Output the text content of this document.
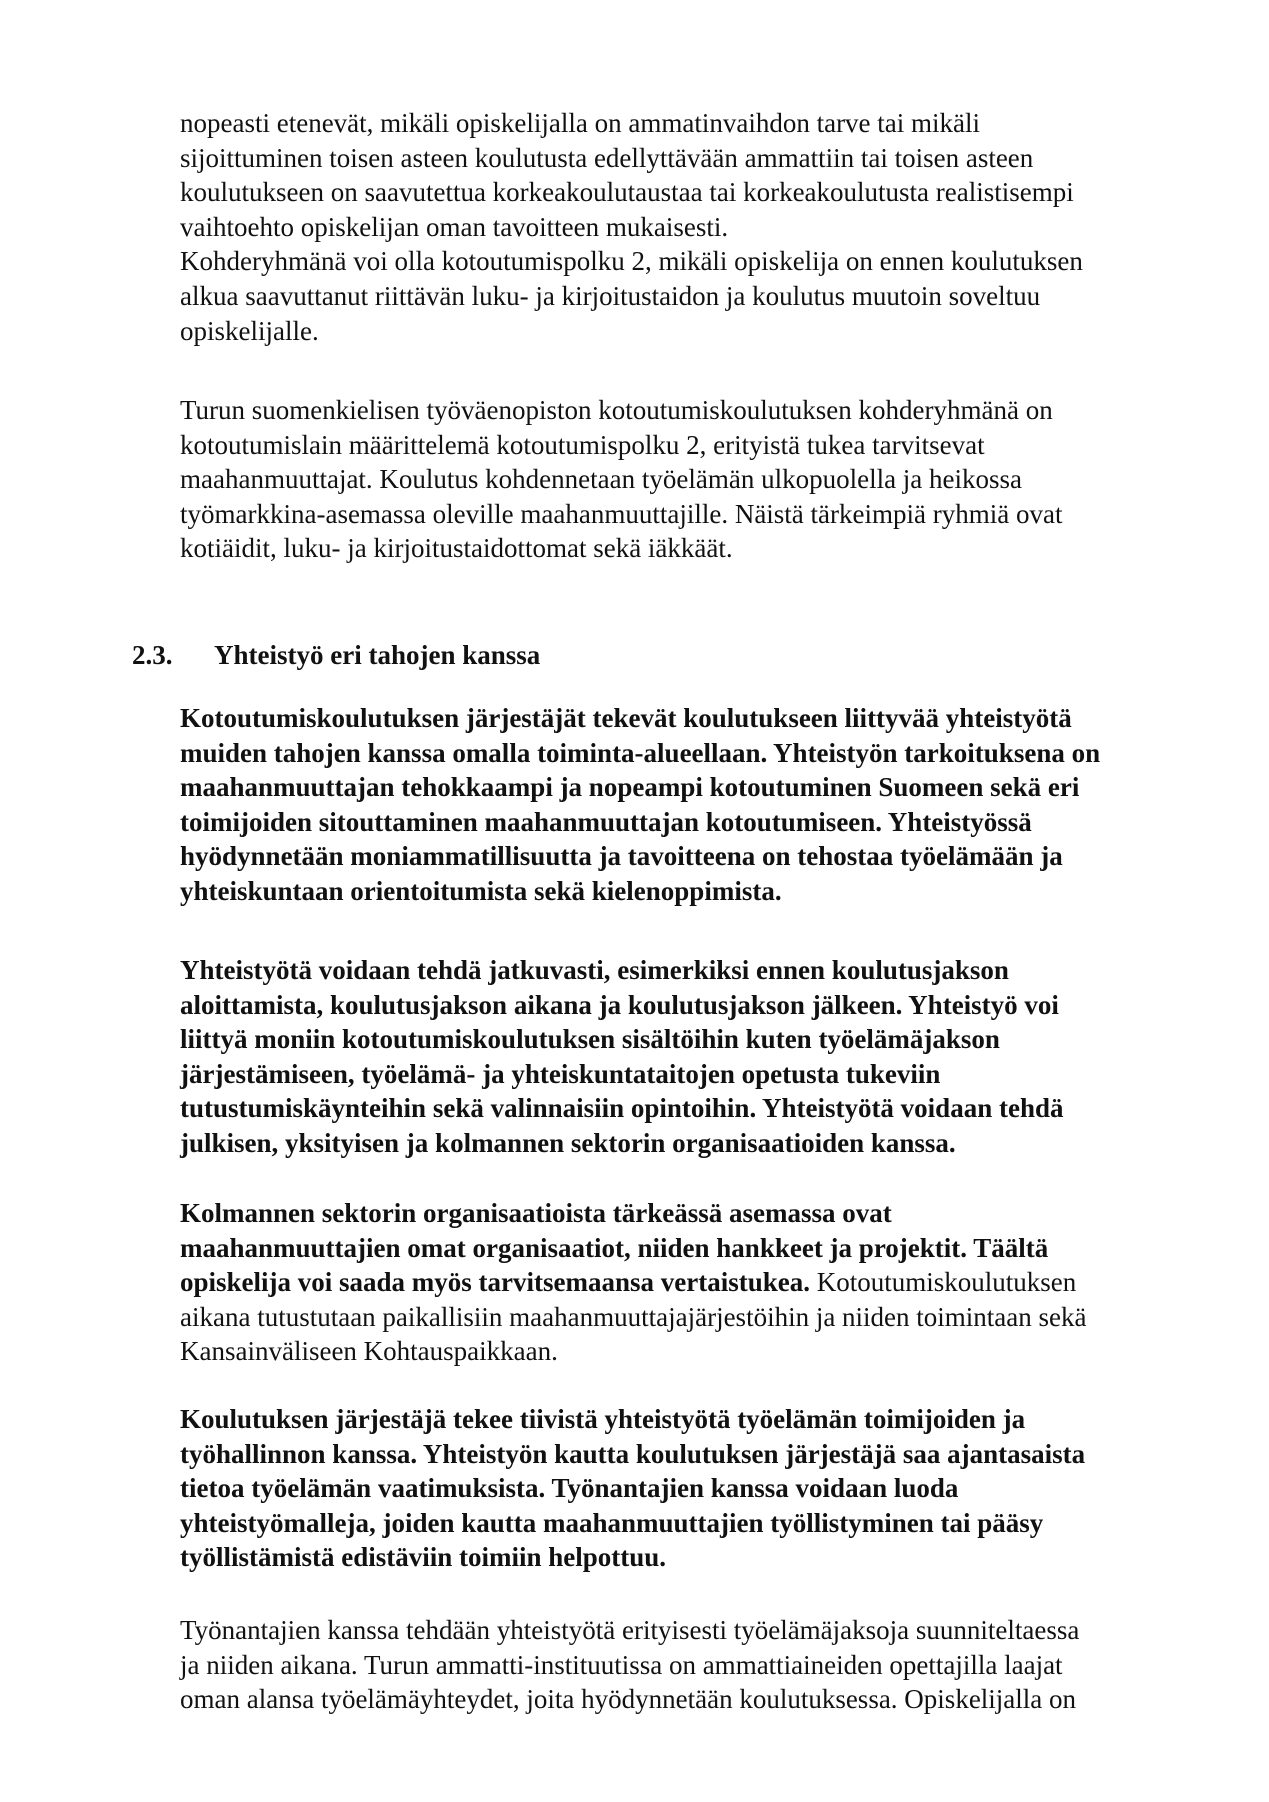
nopeasti etenevät, mikäli opiskelijalla on ammatinvaihdon tarve tai mikäli
sijoittuminen toisen asteen koulutusta edellyttävään ammattiin tai toisen asteen
koulutukseen on saavutettua korkeakoulutaustaa tai korkeakoulutusta realistisempi
vaihtoehto opiskelijan oman tavoitteen mukaisesti.
Kohderyhmänä voi olla kotoutumispolku 2, mikäli opiskelija on ennen koulutuksen
alkua saavuttanut riittävän luku- ja kirjoitustaidon ja koulutus muutoin soveltuu
opiskelijalle.

Turun suomenkielisen työväenopiston kotoutumiskoulutuksen kohderyhmänä on
kotoutumislain määrittelemä kotoutumispolku 2, erityistä tukea tarvitsevat
maahanmuuttajat. Koulutus kohdennetaan työelämän ulkopuolella ja heikossa
työmarkkina-asemassa oleville maahanmuuttajille. Näistä tärkeimpiä ryhmiä ovat
kotiäidit, luku- ja kirjoitustaidottomat sekä iäkkäät.

2.3. Yhteistyö eri tahojen kanssa

Kotoutumiskoulutuksen järjestäjät tekevät koulutukseen liittyvää yhteistyötä
muiden tahojen kanssa omalla toiminta-alueellaan. Yhteistyön tarkoituksena on
maahanmuuttajan tehokkaampi ja nopeampi kotoutuminen Suomeen sekä eri
toimijoiden sitouttaminen maahanmuuttajan kotoutumiseen. Yhteistyössä
hyödynnetään moniammatillisuutta ja tavoitteena on tehostaa työelämään ja
yhteiskuntaan orientoitumista sekä kielenoppimista.

Yhteistyötä voidaan tehdä jatkuvasti, esimerkiksi ennen koulutusjakson
aloittamista, koulutusjakson aikana ja koulutusjakson jälkeen. Yhteistyö voi
liittyä moniin kotoutumiskoulutuksen sisältöihin kuten työelämäjakson
järjestämiseen, työelämä- ja yhteiskuntataitojen opetusta tukeviin
tutustumiskäynteihin sekä valinnaisiin opintoihin. Yhteistyötä voidaan tehdä
julkisen, yksityisen ja kolmannen sektorin organisaatioiden kanssa.

Kolmannen sektorin organisaatioista tärkeässä asemassa ovat
maahanmuuttajien omat organisaatiot, niiden hankkeet ja projektit. Täältä
opiskelija voi saada myös tarvitsemaansa vertaistukea. Kotoutumiskoulutuksen
aikana tutustutaan paikallisiin maahanmuuttajajärjestöihin ja niiden toimintaan sekä
Kansainväliseen Kohtauspaikkaan.

Koulutuksen järjestäjä tekee tiivistä yhteistyötä työelämän toimijoiden ja
työhallinnon kanssa. Yhteistyön kautta koulutuksen järjestäjä saa ajantasaista
tietoa työelämän vaatimuksista. Työnantajien kanssa voidaan luoda
yhteistyömalleja, joiden kautta maahanmuuttajien työllistyminen tai pääsy
työllistämistä edistäviin toimiin helpottuu.

Työnantajien kanssa tehdään yhteistyötä erityisesti työelämäjaksoja suunniteltaessa
ja niiden aikana. Turun ammatti-instituutissa on ammattiaineiden opettajilla laajat
oman alansa työelämäyhteydet, joita hyödynnetään koulutuksessa. Opiskelijalla on
